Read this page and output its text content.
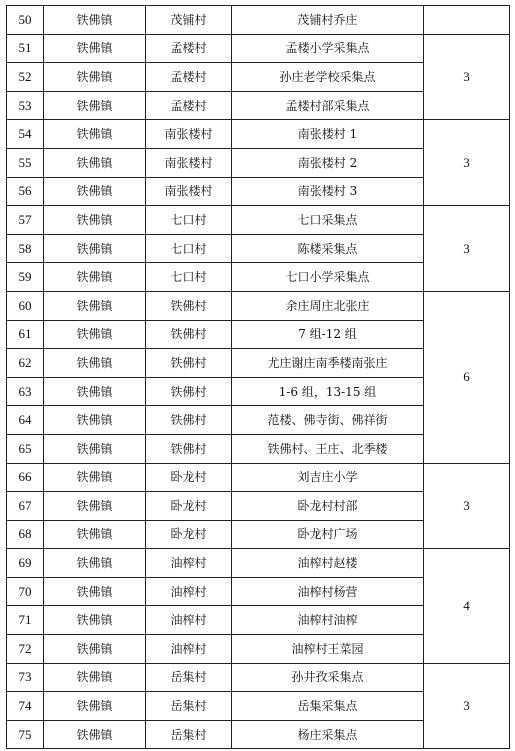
50	铁佛镇	茂铺村	茂铺村乔庄	
51	铁佛镇	孟楼村	孟楼小学采集点	3
52	铁佛镇	孟楼村	孙庄老学校采集点	
53	铁佛镇	孟楼村	孟楼村部采集点	
54	铁佛镇	南张楼村	南张楼村 1	3
55	铁佛镇	南张楼村	南张楼村 2	
56	铁佛镇	南张楼村	南张楼村 3	
57	铁佛镇	七口村	七口采集点	3
58	铁佛镇	七口村	陈楼采集点	
59	铁佛镇	七口村	七口小学采集点	
60	铁佛镇	铁佛村	余庄周庄北张庄	6
61	铁佛镇	铁佛村	7 组-12 组	
62	铁佛镇	铁佛村	尤庄谢庄南季楼南张庄	
63	铁佛镇	铁佛村	1-6 组，13-15 组	
64	铁佛镇	铁佛村	范楼、佛寺街、佛祥街	
65	铁佛镇	铁佛村	铁佛村、王庄、北季楼	
66	铁佛镇	卧龙村	刘吉庄小学	3
67	铁佛镇	卧龙村	卧龙村村部	
68	铁佛镇	卧龙村	卧龙村广场	
69	铁佛镇	油榨村	油榨村赵楼	4
70	铁佛镇	油榨村	油榨村杨营	
71	铁佛镇	油榨村	油榨村油榨	
72	铁佛镇	油榨村	油榨村王菜园	
73	铁佛镇	岳集村	孙井孜采集点	3
74	铁佛镇	岳集村	岳集采集点	
75	铁佛镇	岳集村	杨庄采集点	
